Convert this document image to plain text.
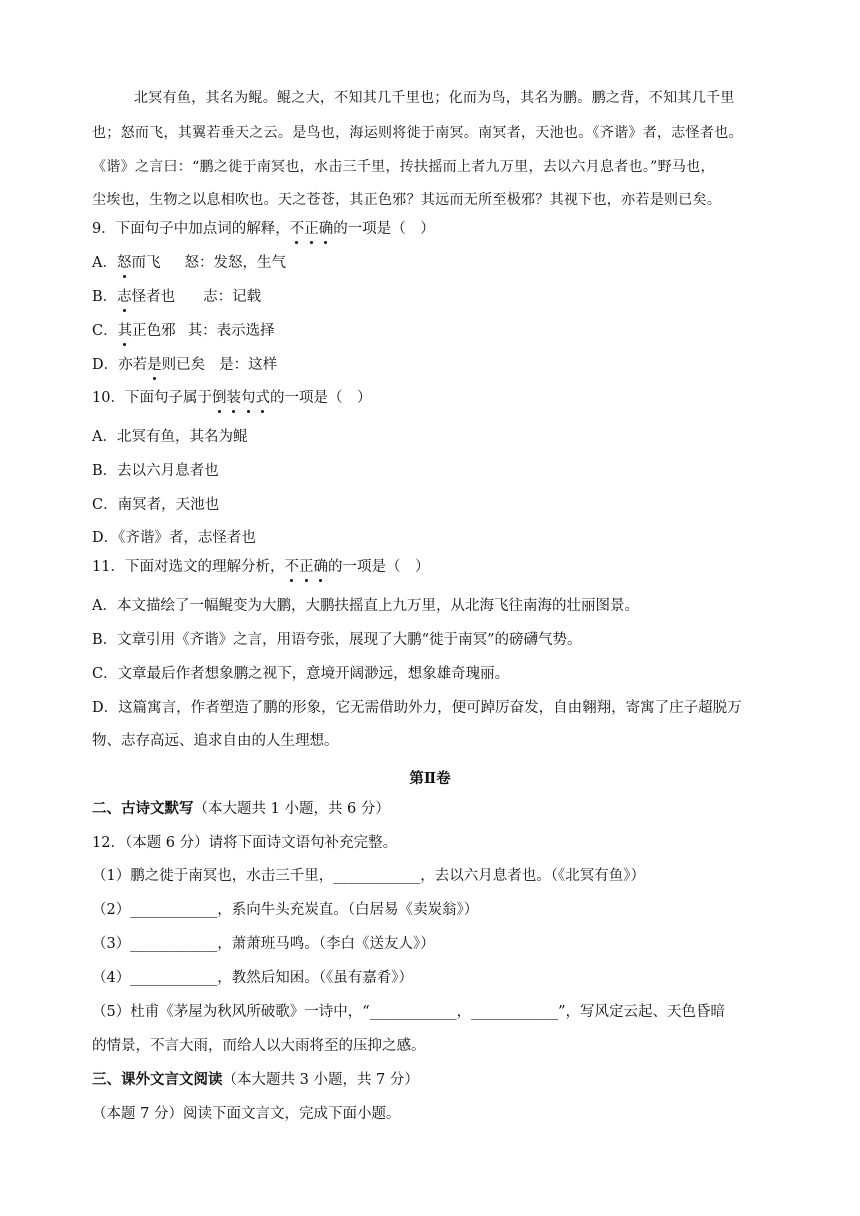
北冥有鱼，其名为鲲。鲲之大，不知其几千里也；化而为鸟，其名为鹏。鹏之背，不知其几千里
也；怒而飞，其翼若垂天之云。是鸟也，海运则将徙于南冥。南冥者，天池也。《齐谐》者，志怪者也。
《谐》之言曰：“鹏之徙于南冥也，水击三千里，抟扶摇而上者九万里，去以六月息者也。”野马也，
尘埃也，生物之以息相吹也。天之苍苍，其正色邪？其远而无所至极邪？其视下也，亦若是则已矣。
9．下面句子中加点词的解释，不正确的一项是（　）
A．怒而飞 怒：发怒，生气
B．志怪者也 志：记载
C．其正色邪 其：表示选择
D．亦若是则已矣 是：这样
10．下面句子属于倒装句式的一项是（　）
A．北冥有鱼，其名为鲲
B．去以六月息者也
C．南冥者，天池也
D．《齐谐》者，志怪者也
11．下面对选文的理解分析，不正确的一项是（　）
A．本文描绘了一幅鲲变为大鹏，大鹏扶摇直上九万里，从北海飞往南海的壮丽图景。
B．文章引用《齐谐》之言，用语夸张，展现了大鹏“徙于南冥”的磅礴气势。
C．文章最后作者想象鹏之视下，意境开阔渺远，想象雄奇瑰丽。
D．这篇寓言，作者塑造了鹏的形象，它无需借助外力，便可踔厉奋发，自由翱翔，寄寓了庄子超脱万
物、志存高远、追求自由的人生理想。
第Ⅱ卷
二、古诗文默写（本大题共 1 小题，共 6 分）
12．（本题 6 分）请将下面诗文语句补充完整。
（1）鹏之徙于南冥也，水击三千里，____________，去以六月息者也。（《北冥有鱼》）
（2）____________，系向牛头充炭直。（白居易《卖炭翁》）
（3）____________，萧萧班马鸣。（李白《送友人》）
（4）____________，教然后知困。（《虽有嘉肴》）
（5）杜甫《茅屋为秋风所破歌》一诗中，“____________，____________”，写风定云起、天色昏暗
的情景，不言大雨，而给人以大雨将至的压抑之感。
三、课外文言文阅读（本大题共 3 小题，共 7 分）
（本题 7 分）阅读下面文言文，完成下面小题。
